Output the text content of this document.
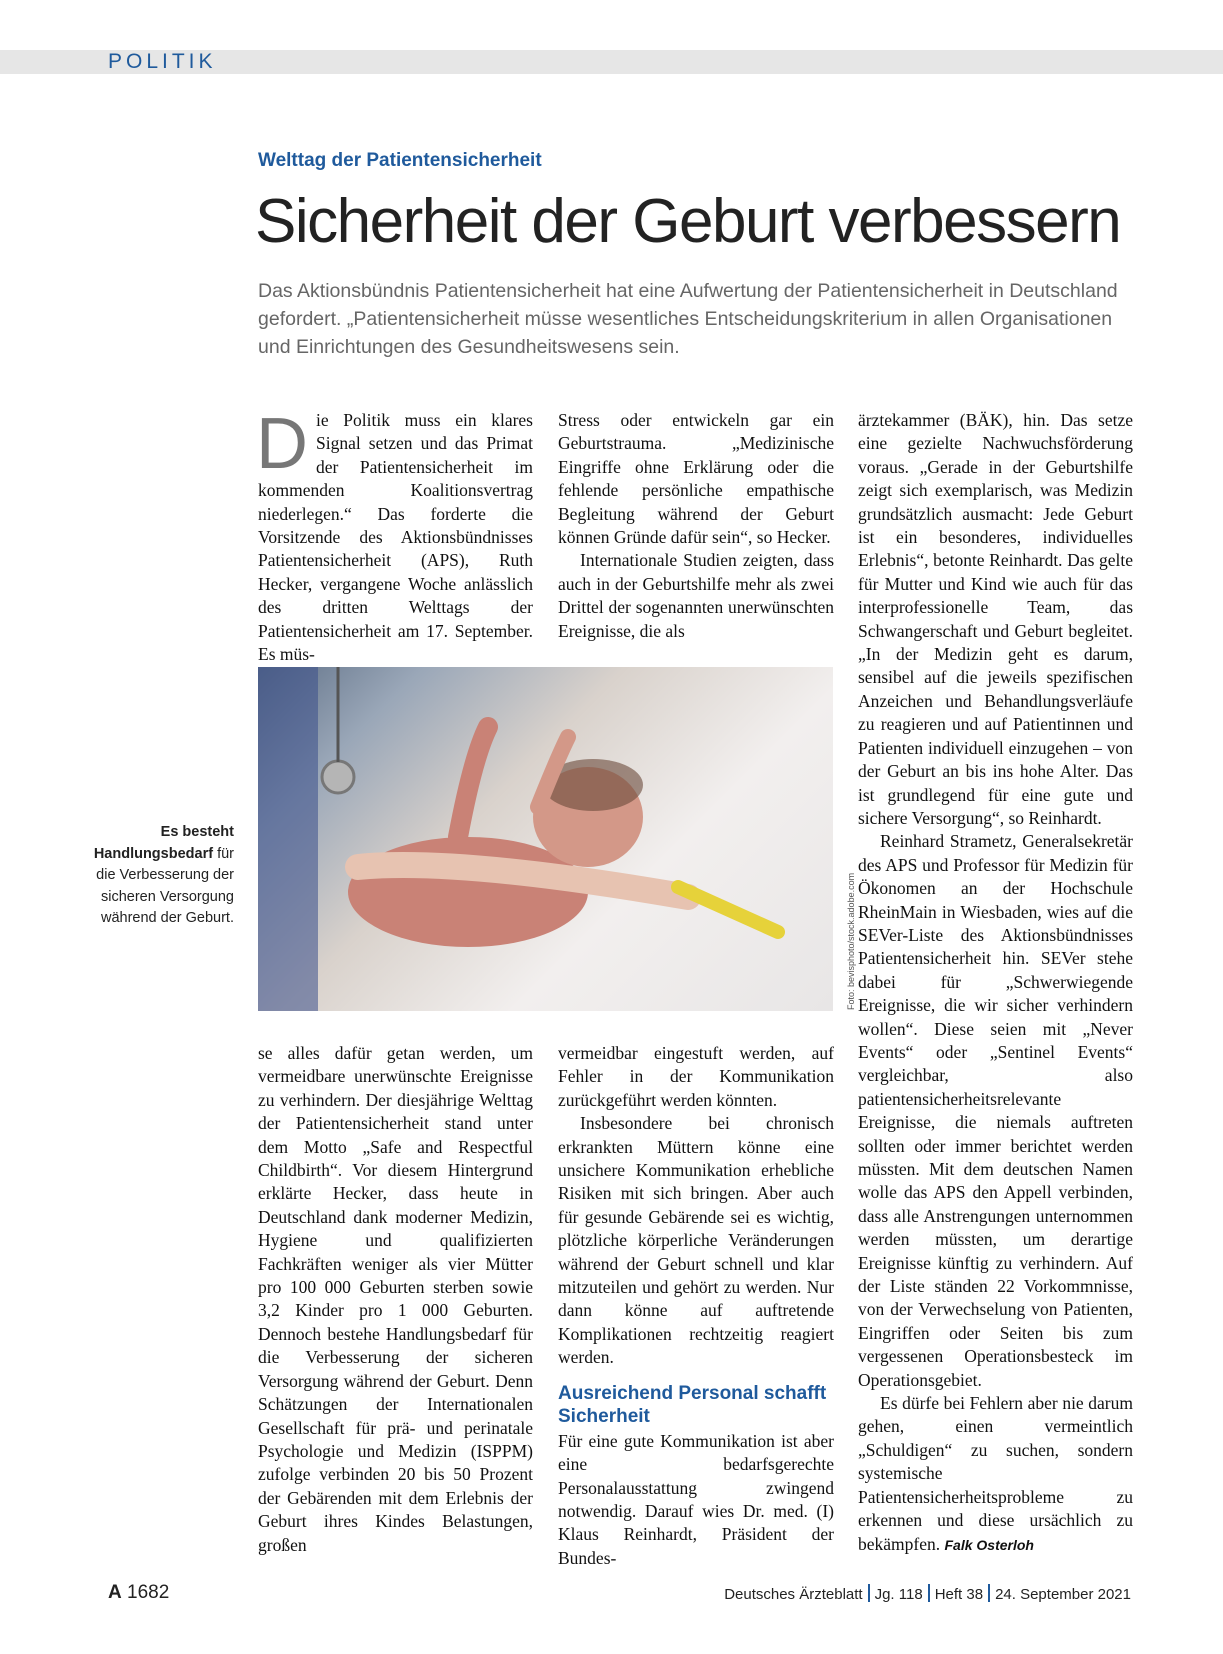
POLITIK
Welttag der Patientensicherheit
Sicherheit der Geburt verbessern

Das Aktionsbündnis Patientensicherheit hat eine Aufwertung der Patientensicherheit in Deutschland

gefordert. „Patientensicherheit müsse wesentliches Entscheidungskriterium in allen Organisationen

und Einrichtungen des Gesundheitswesens sein.

Die Politik muss ein klares Signal setzen und das Primat der Patientensicherheit im kommenden Koalitionsvertrag niederlegen.“ Das forderte die Vorsitzende des Aktionsbündnisses Patientensicherheit (APS), Ruth Hecker, vergangene Woche anlässlich des dritten Welttags der Patientensicherheit am 17. September. Es müs-

Stress oder entwickeln gar ein Geburtstrauma. „Medizinische Eingriffe ohne Erklärung oder die fehlende persönliche empathische Begleitung während der Geburt können Gründe dafür sein“, so Hecker.

Internationale Studien zeigten, dass auch in der Geburtshilfe mehr als zwei Drittel der sogenannten unerwünschten Ereignisse, die als

ärztekammer (BÄK), hin. Das setze eine gezielte Nachwuchsförderung voraus. „Gerade in der Geburtshilfe zeigt sich exemplarisch, was Medizin grundsätzlich ausmacht: Jede Geburt ist ein besonderes, individuelles Erlebnis“, betonte Reinhardt. Das gelte für Mutter und Kind wie auch für das interprofessionelle Team, das Schwangerschaft und Geburt begleitet. „In der Medizin geht es darum, sensibel auf die jeweils spezifischen Anzeichen und Behandlungsverläufe zu reagieren und auf Patientinnen und Patienten individuell einzugehen – von der Geburt an bis ins hohe Alter. Das ist grundlegend für eine gute und sichere Versorgung“, so Reinhardt.

Reinhard Strametz, Generalsekretär des APS und Professor für Medizin für Ökonomen an der Hochschule RheinMain in Wiesbaden, wies auf die SEVer-Liste des Aktionsbündnisses Patientensicherheit hin. SEVer stehe dabei für „Schwerwiegende Ereignisse, die wir sicher verhindern wollen“. Diese seien mit „Never Events“ oder „Sentinel Events“ vergleichbar, also patientensicherheitsrelevante Ereignisse, die niemals auftreten sollten oder immer berichtet werden müssten. Mit dem deutschen Namen wolle das APS den Appell verbinden, dass alle Anstrengungen unternommen werden müssten, um derartige Ereignisse künftig zu verhindern. Auf der Liste ständen 22 Vorkommnisse, von der Verwechselung von Patienten, Eingriffen oder Seiten bis zum vergessenen Operationsbesteck im Operationsgebiet.

Es dürfe bei Fehlern aber nie darum gehen, einen vermeintlich „Schuldigen“ zu suchen, sondern systemische Patientensicherheitsprobleme zu erkennen und diese ursächlich zu bekämpfen. Falk Osterloh

Foto: bevisphoto/stock.adobe.com
Es besteht Handlungsbedarf für die Verbesserung der sicheren Versorgung während der Geburt.

se alles dafür getan werden, um vermeidbare unerwünschte Ereignisse zu verhindern. Der diesjährige Welttag der Patientensicherheit stand unter dem Motto „Safe and Respectful Childbirth“. Vor diesem Hintergrund erklärte Hecker, dass heute in Deutschland dank moderner Medizin, Hygiene und qualifizierten Fachkräften weniger als vier Mütter pro 100 000 Geburten sterben sowie 3,2 Kinder pro 1 000 Geburten. Dennoch bestehe Handlungsbedarf für die Verbesserung der sicheren Versorgung während der Geburt. Denn Schätzungen der Internationalen Gesellschaft für prä- und perinatale Psychologie und Medizin (ISPPM) zufolge verbinden 20 bis 50 Prozent der Gebärenden mit dem Erlebnis der Geburt ihres Kindes Belastungen, großen

vermeidbar eingestuft werden, auf Fehler in der Kommunikation zurückgeführt werden könnten.

Insbesondere bei chronisch erkrankten Müttern könne eine unsichere Kommunikation erhebliche Risiken mit sich bringen. Aber auch für gesunde Gebärende sei es wichtig, plötzliche körperliche Veränderungen während der Geburt schnell und klar mitzuteilen und gehört zu werden. Nur dann könne auf auftretende Komplikationen rechtzeitig reagiert werden.

Ausreichend Personal schafft Sicherheit

Für eine gute Kommunikation ist aber eine bedarfsgerechte Personalausstattung zwingend notwendig. Darauf wies Dr. med. (I) Klaus Reinhardt, Präsident der Bundes-

A 1682	Deutsches Ärzteblatt Jg. 118 Heft 38 24. September 2021
